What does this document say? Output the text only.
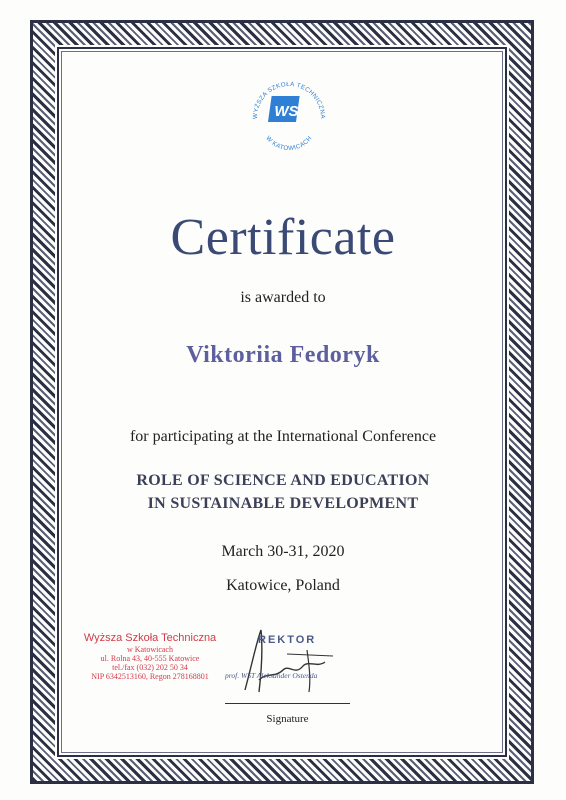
WYŻSZA SZKOŁA TECHNICZNA
W KATOWICACH
WST
Certificate
is awarded to
Viktoriia Fedoryk
for participating at the International Conference
ROLE OF SCIENCE AND EDUCATION
IN SUSTAINABLE DEVELOPMENT
March 30-31, 2020
Katowice, Poland
Wyższa Szkoła Techniczna
w Katowicach
ul. Rolna 43, 40-555 Katowice
tel./fax (032) 202 50 34
NIP 6342513160, Regon 278168801
REKTOR
prof. WST Aleksander Ostenda
Signature
